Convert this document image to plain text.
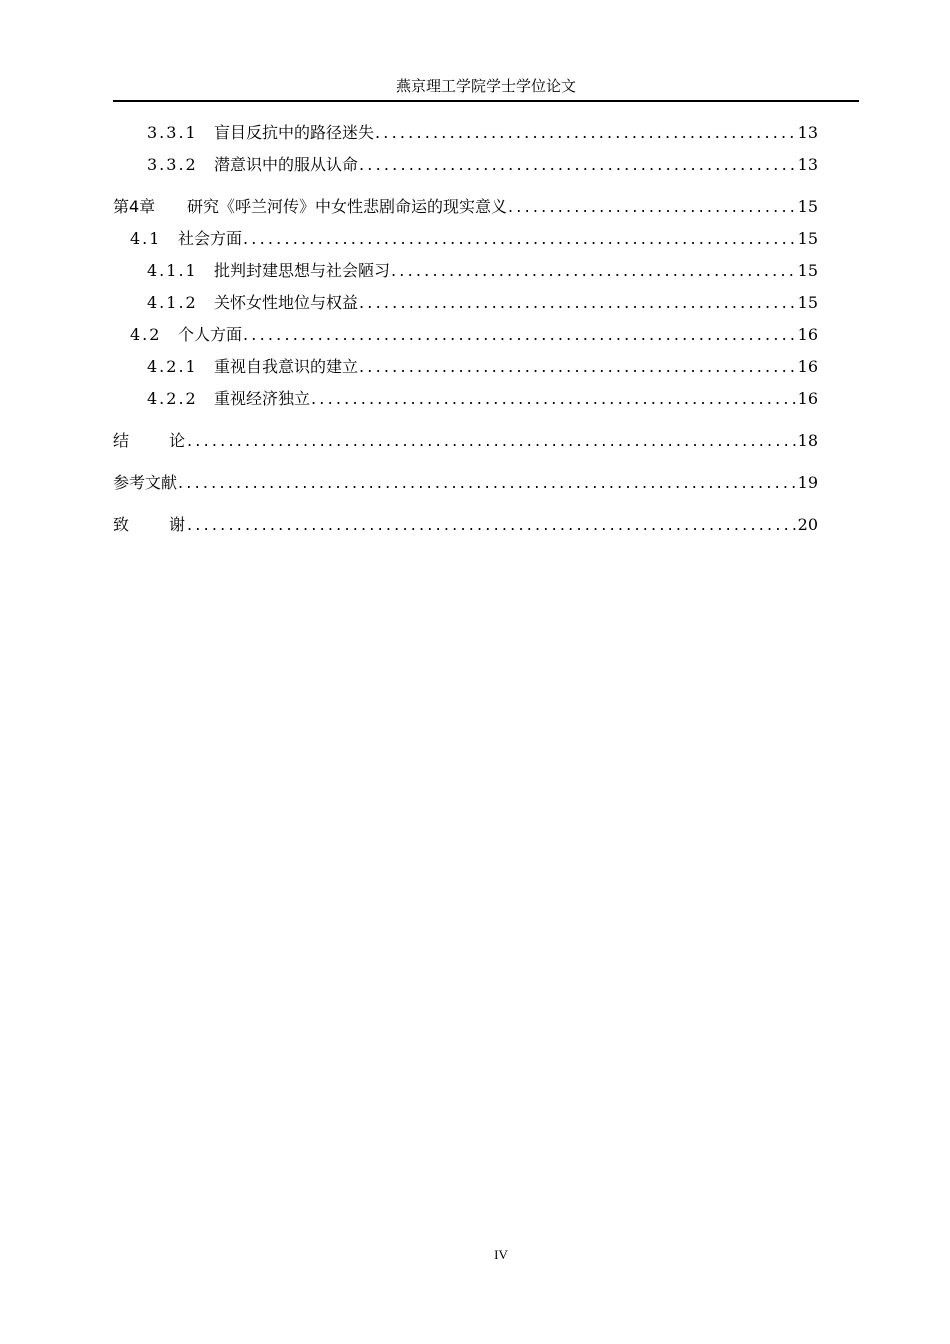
燕京理工学院学士学位论文
3.3.1	盲目反抗中的路径迷失 .....	13
3.3.2	潜意识中的服从认命 .....	13
第4章	研究《呼兰河传》中女性悲剧命运的现实意义 .....	15
4.1	社会方面 .....	15
4.1.1	批判封建思想与社会陋习 .....	15
4.1.2	关怀女性地位与权益 .....	15
4.2	个人方面 .....	16
4.2.1	重视自我意识的建立 .....	16
4.2.2	重视经济独立 .....	16
结论 .....	18
参考文献 .....	19
致谢 .....	20
IV
